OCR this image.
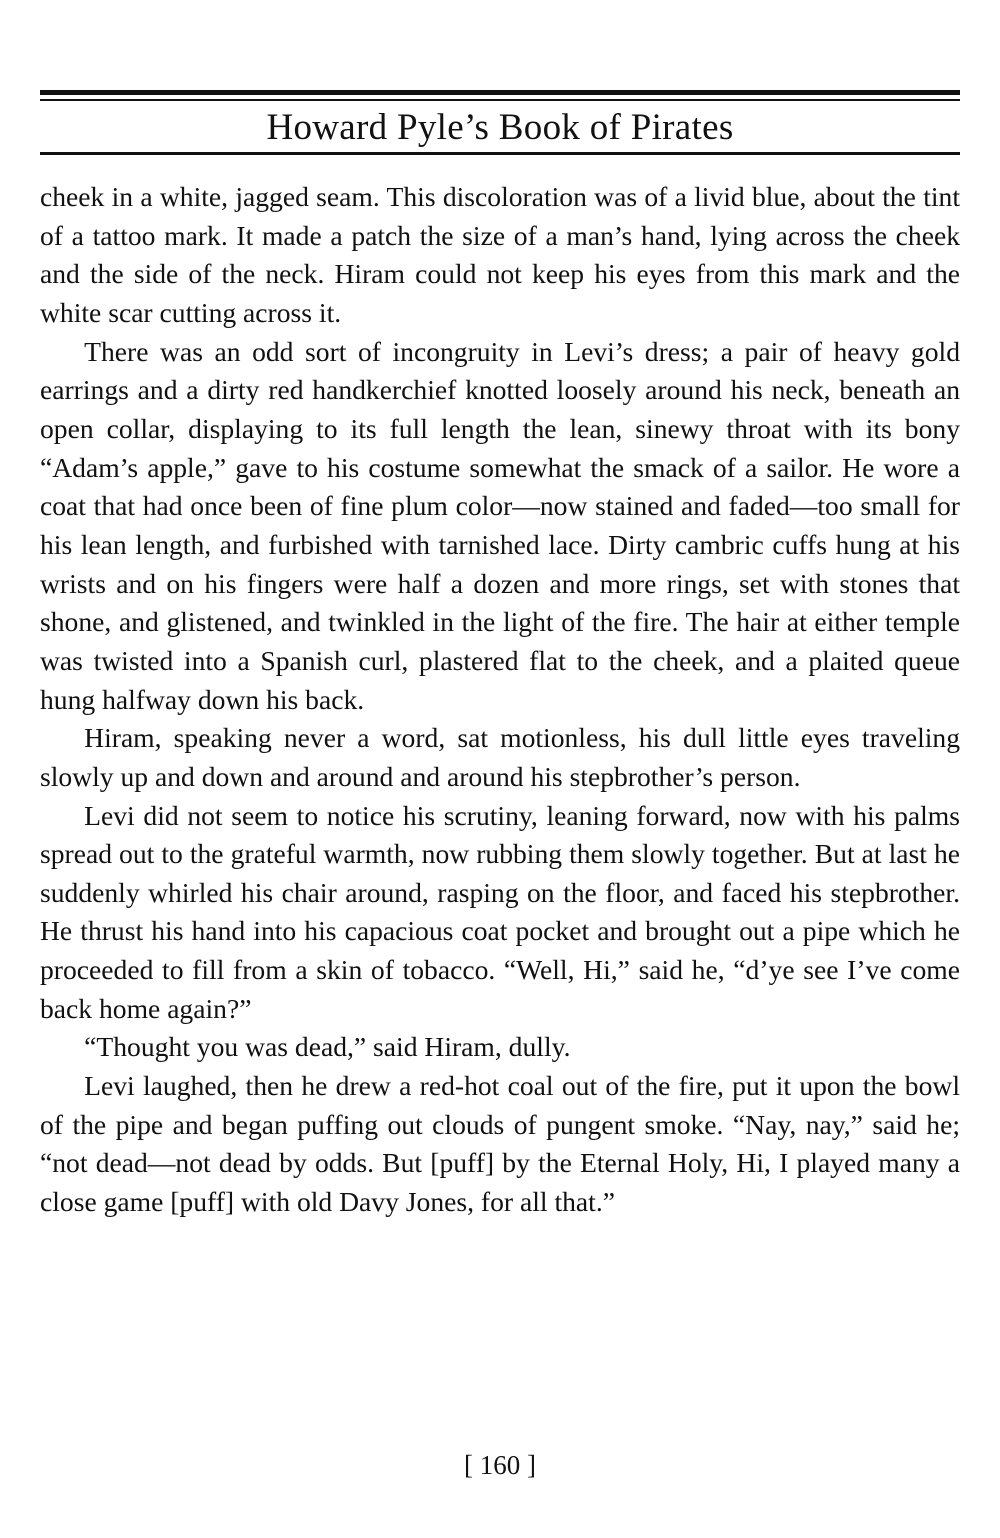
Howard Pyle’s Book of Pirates

cheek in a white, jagged seam. This discoloration was of a livid blue, about the tint of a tattoo mark. It made a patch the size of a man’s hand, lying across the cheek and the side of the neck. Hiram could not keep his eyes from this mark and the white scar cutting across it.

There was an odd sort of incongruity in Levi’s dress; a pair of heavy gold earrings and a dirty red handkerchief knotted loosely around his neck, beneath an open collar, displaying to its full length the lean, sinewy throat with its bony “Adam’s apple,” gave to his costume somewhat the smack of a sailor. He wore a coat that had once been of fine plum color—now stained and faded—too small for his lean length, and furbished with tarnished lace. Dirty cambric cuffs hung at his wrists and on his fingers were half a dozen and more rings, set with stones that shone, and glistened, and twinkled in the light of the fire. The hair at either temple was twisted into a Spanish curl, plastered flat to the cheek, and a plaited queue hung halfway down his back.

Hiram, speaking never a word, sat motionless, his dull little eyes traveling slowly up and down and around and around his stepbrother’s person.

Levi did not seem to notice his scrutiny, leaning forward, now with his palms spread out to the grateful warmth, now rubbing them slowly together. But at last he suddenly whirled his chair around, rasping on the floor, and faced his stepbrother. He thrust his hand into his capacious coat pocket and brought out a pipe which he proceeded to fill from a skin of tobacco. “Well, Hi,” said he, “d’ye see I’ve come back home again?”

“Thought you was dead,” said Hiram, dully.

Levi laughed, then he drew a red-hot coal out of the fire, put it upon the bowl of the pipe and began puffing out clouds of pungent smoke. “Nay, nay,” said he; “not dead—not dead by odds. But [puff] by the Eternal Holy, Hi, I played many a close game [puff] with old Davy Jones, for all that.”

[ 160 ]
